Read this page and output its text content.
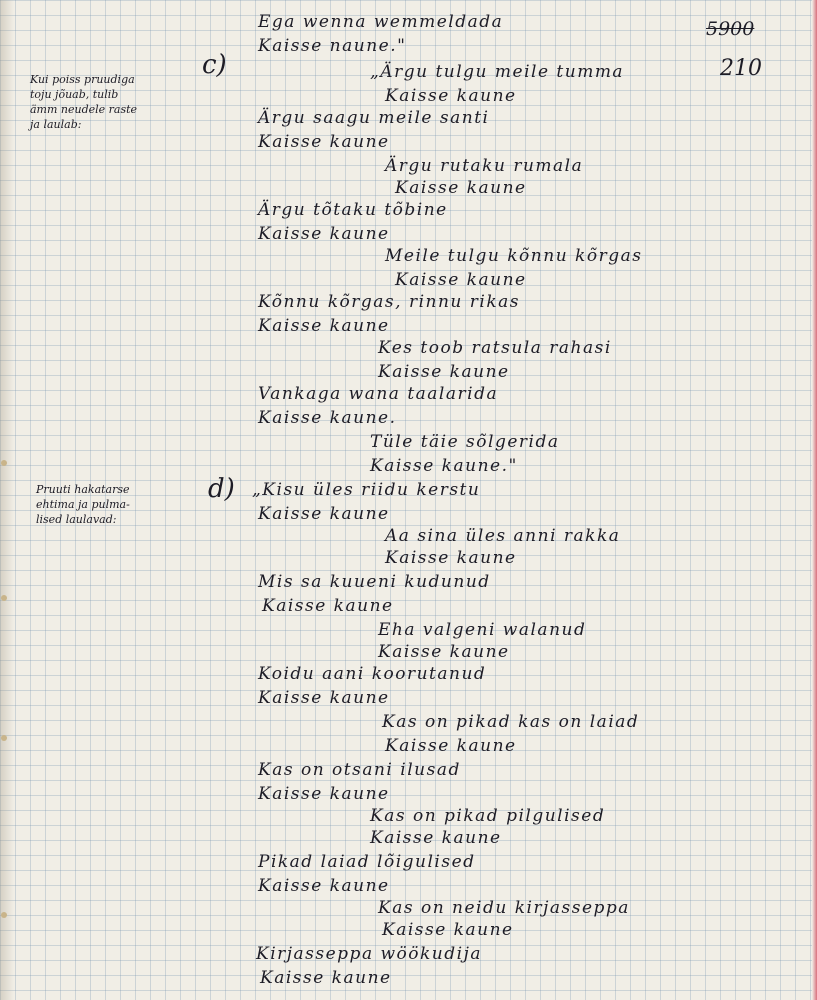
5900
210
Kui poiss pruudiga
toju jõuab, tulib
ämm neudele raste
ja laulab:
c)
Pruuti hakatarse
ehtima ja pulma-
lised laulavad:
d)
Ega wenna wemmeldada
Kaisse naune."
„Ärgu tulgu meile tumma
Kaisse kaune
Ärgu saagu meile santi
Kaisse kaune
Ärgu rutaku rumala
Kaisse kaune
Ärgu tõtaku tõbine
Kaisse kaune
Meile tulgu kõnnu kõrgas
Kaisse kaune
Kõnnu kõrgas, rinnu rikas
Kaisse kaune
Kes toob ratsula rahasi
Kaisse kaune
Vankaga wana taalarida
Kaisse kaune.
Tüle täie sõlgerida
Kaisse kaune."
„Kisu üles riidu kerstu
Kaisse kaune
Aa sina üles anni rakka
Kaisse kaune
Mis sa kuueni kudunud
Kaisse kaune
Eha valgeni walanud
Kaisse kaune
Koidu aani koorutanud
Kaisse kaune
Kas on pikad kas on laiad
Kaisse kaune
Kas on otsani ilusad
Kaisse kaune
Kas on pikad pilgulised
Kaisse kaune
Pikad laiad lõigulised
Kaisse kaune
Kas on neidu kirjasseppa
Kaisse kaune
Kirjasseppa wöökudija
Kaisse kaune
